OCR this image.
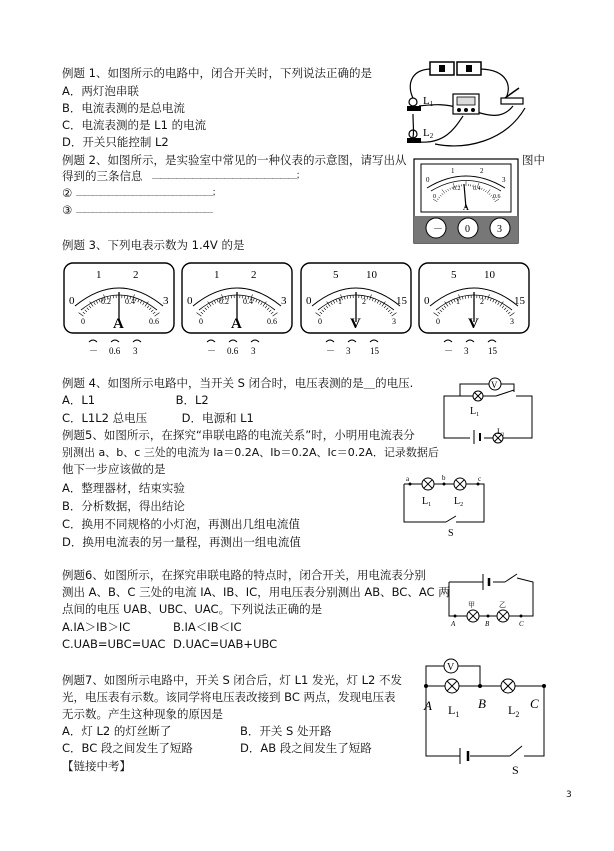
例题 1、如图所示的电路中，闭合开关时，下列说法正确的是
A．两灯泡串联
B．电流表测的是总电流
C．电流表测的是 L1 的电流
D．开关只能控制 L2
L1
L2
例题 2、如图所示，是实验室中常见的一种仪表的示意图，请写出从	图中
得到的三条信息 ＿＿＿＿＿＿＿＿＿＿＿＿＿＿＿＿＿＿；
② ＿＿＿＿＿＿＿＿＿＿＿＿＿＿＿＿＿；
③ ＿＿＿＿＿＿＿＿＿＿＿＿＿＿＿＿＿
0
1	2
3
0
0.2 0.4
0.6
A
－ 0	3
例题 3、下列电表示数为 1.4V 的是
0	3
1	2
0
0.2 0.4
0.6
A
－ 0.6 3
0	3
1	2
0
0.2 0.4
0.6
A
－ 0.6 3
0	15
5	10
0
1	2
3
V
－ 3 15
0	15
5	10
0
1	2
3
V
－ 3 15
例题 4、如图所示电路中，当开关 S 闭合时，电压表测的是＿的电压.
A．L1　　　　　　　B．L2
C．L1L2 总电压　　　D．电源和 L1
V
$L_1$
$L_2$
例题5、如图所示，在探究“串联电路的电流关系”时，小明用电流表分
别测出 a、b、c 三处的电流为 Ia＝0.2A、Ib＝0.2A、Ic＝0.2A．记录数据后
他下一步应该做的是
A．整理器材，结束实验
B．分析数据，得出结论
C．换用不同规格的小灯泡，再测出几组电流值
D．换用电流表的另一量程，再测出一组电流值
a	b	c
$L_1$ $L_2$
S
例题6、如图所示，在探究串联电路的特点时，闭合开关，用电流表分别
测出 A、B、C 三处的电流 IA、IB、IC，用电压表分别测出 AB、BC、AC 两
点间的电压 UAB、UBC、UAC。下列说法正确的是
A.IA＞IB＞IC	B.IA＜IB＜IC
C.UAB=UBC=UAC D.UAC=UAB+UBC
甲	乙
A	B	C
例题7、如图所示电路中，开关 S 闭合后，灯 L1 发光，灯 L2 不发
光，电压表有示数。该同学将电压表改接到 BC 两点，发现电压表
无示数。产生这种现象的原因是
A．灯 L2 的灯丝断了	B．开关 S 处开路
C．BC 段之间发生了短路	D．AB 段之间发生了短路
V
A	B	C
$L_1$	$L_2$
S
【链接中考】
3
